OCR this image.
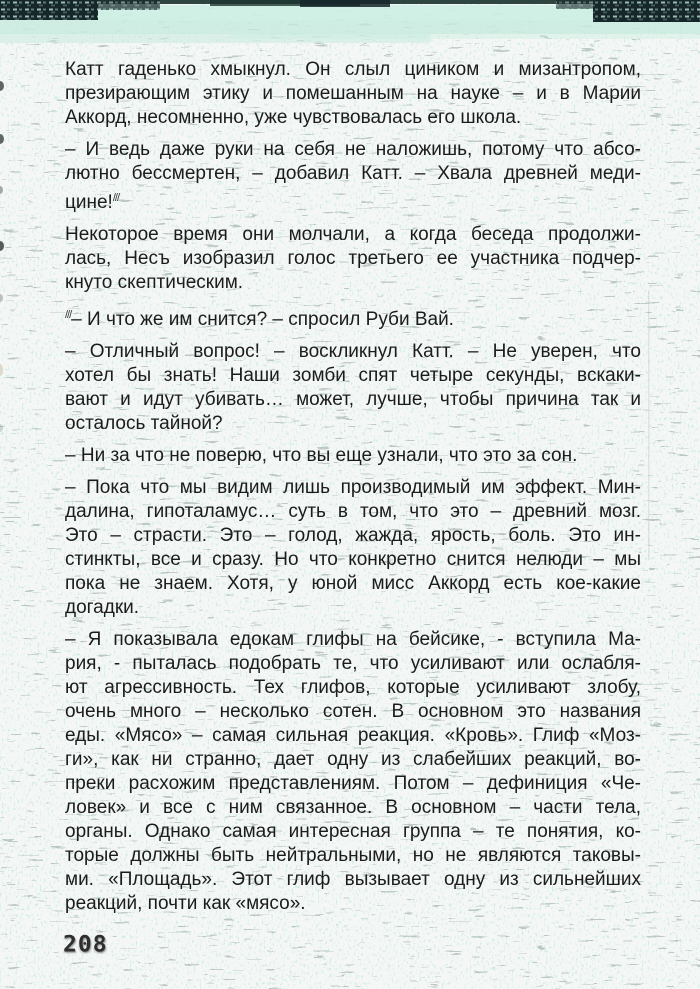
Катт гаденько хмыкнул. Он слыл циником и мизантропом,
презирающим этику и помешанным на науке – и в Марии
Аккорд, несомненно, уже чувствовалась его школа.
– И ведь даже руки на себя не наложишь, потому что абсо-
лютно бессмертен, – добавил Катт. – Хвала древней меди-
цине!///
Некоторое время они молчали, а когда беседа продолжи-
лась, Несъ изобразил голос третьего ее участника подчер-
кнуто скептическим.
///– И что же им снится? – спросил Руби Вай.
– Отличный вопрос! – воскликнул Катт. – Не уверен, что
хотел бы знать! Наши зомби спят четыре секунды, вскаки-
вают и идут убивать… может, лучше, чтобы причина так и
осталось тайной?
– Ни за что не поверю, что вы еще узнали, что это за сон.
– Пока что мы видим лишь производимый им эффект. Мин-
далина, гипоталамус… суть в том, что это – древний мозг.
Это – страсти. Это – голод, жажда, ярость, боль. Это ин-
стинкты, все и сразу. Но что конкретно снится нелюди – мы
пока не знаем. Хотя, у юной мисс Аккорд есть кое-какие
догадки.
– Я показывала едокам глифы на бейсике, - вступила Ма-
рия, - пыталась подобрать те, что усиливают или ослабля-
ют агрессивность. Тех глифов, которые усиливают злобу,
очень много – несколько сотен. В основном это названия
еды. «Мясо» – самая сильная реакция. «Кровь». Глиф «Моз-
ги», как ни странно, дает одну из слабейших реакций, во-
преки расхожим представлениям. Потом – дефиниция «Че-
ловек» и все с ним связанное. В основном – части тела,
органы. Однако самая интересная группа – те понятия, ко-
торые должны быть нейтральными, но не являются таковы-
ми. «Площадь». Этот глиф вызывает одну из сильнейших
реакций, почти как «мясо».
208
